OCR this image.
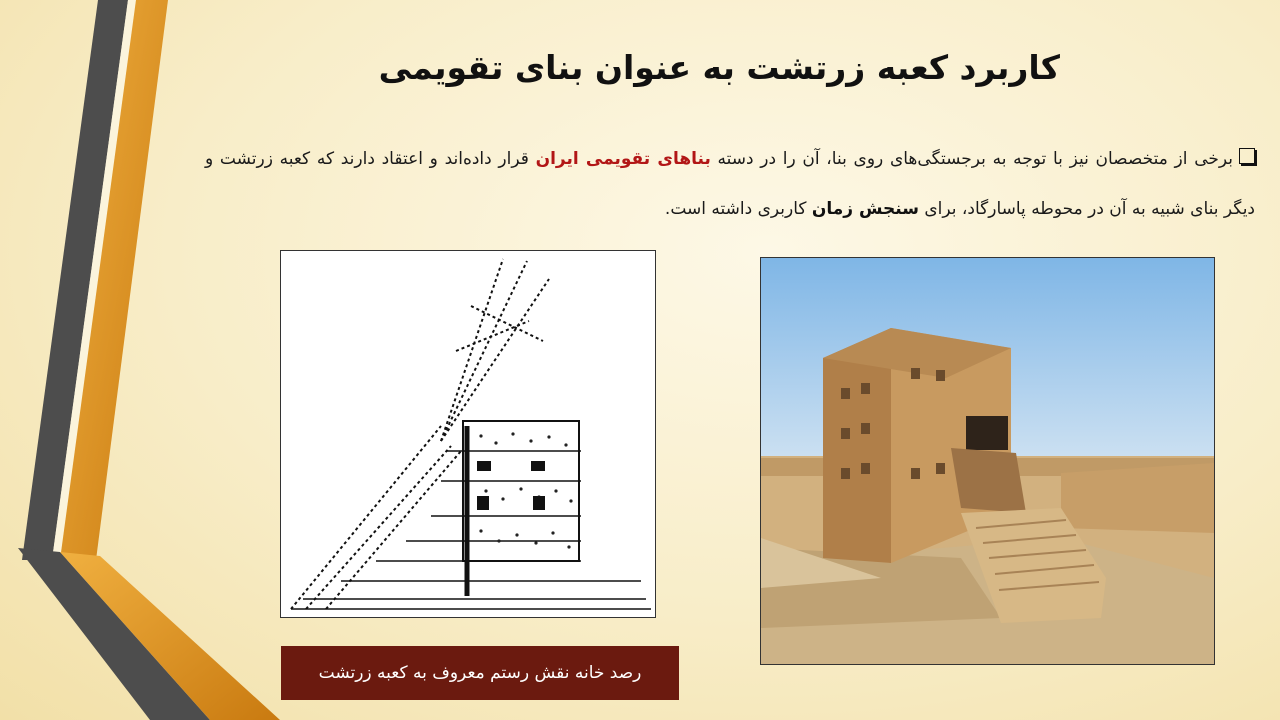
کاربرد کعبه زرتشت به عنوان بنای تقویمی
برخی از متخصصان نیز با توجه به برجستگی‌های روی بنا، آن را در دسته بناهای تقویمی ایران قرار داده‌اند و اعتقاد دارند که کعبه زرتشت و دیگر بنای شبیه به آن در محوطه پاسارگاد، برای سنجش زمان کاربری داشته است.
رصد خانه نقش رستم معروف به کعبه زرتشت
